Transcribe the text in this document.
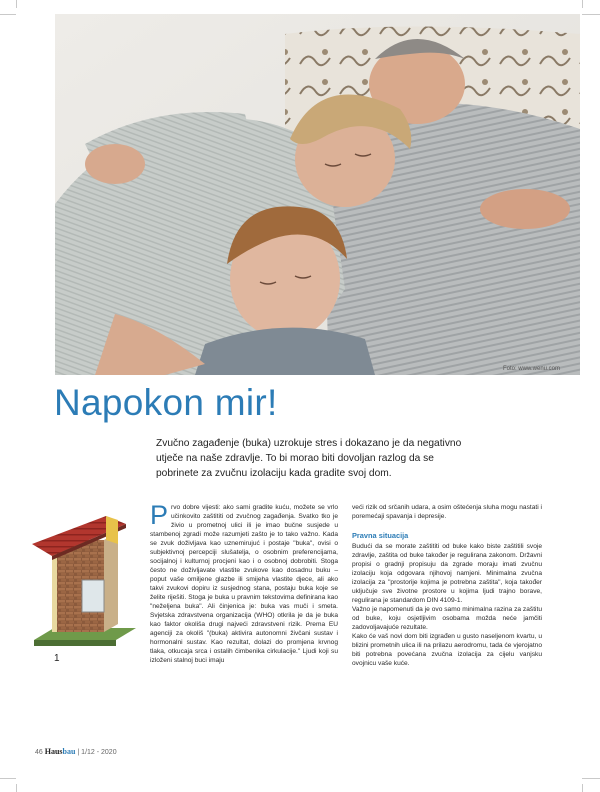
Foto: www.wenu.com
Napokon mir!

Zvučno zagađenje (buka) uzrokuje stres i dokazano je da negativno utječe na naše zdravlje. To bi morao biti dovoljan razlog da se pobrinete za zvučnu izolaciju kada gradite svoj dom.

1

Prvo dobre vijesti: ako sami gradite kuću, možete se vrlo učinkovito zaštititi od zvučnog zagađenja. Svatko tko je živio u prometnoj ulici ili je imao bučne susjede u stambenoj zgradi može razumjeti zašto je to tako važno. Kada se zvuk doživljava kao uznemirujuć i postaje "buka", ovisi o subjektivnoj percepciji slušatelja, o osobnim preferencijama, socijalnoj i kulturnoj procjeni kao i o osobnoj dobrobiti. Stoga često ne doživljavate vlastite zvukove kao dosadnu buku – poput vaše omiljene glazbe ili smijeha vlastite djece, ali ako takvi zvukovi dopiru iz susjednog stana, postaju buka koje se želite riješiti. Stoga je buka u pravnim tekstovima definirana kao "neželjena buka". Ali činjenica je: buka vas muči i smeta. Svjetska zdravstvena organizacija (WHO) otkrila je da je buka kao faktor okoliša drugi najveći zdravstveni rizik. Prema EU agenciji za okoliš "(buka) aktivira autonomni živčani sustav i hormonalni sustav. Kao rezultat, dolazi do promjena krvnog tlaka, otkucaja srca i ostalih čimbenika cirkulacije." Ljudi koji su izloženi stalnoj buci imaju

veći rizik od srčanih udara, a osim oštećenja sluha mogu nastati i poremećaji spavanja i depresije.

Pravna situacija

Budući da se morate zaštititi od buke kako biste zaštitili svoje zdravlje, zaštita od buke također je regulirana zakonom. Državni propisi o gradnji propisuju da zgrade moraju imati zvučnu izolaciju koja odgovara njihovoj namjeni. Minimalna zvučna izolacija za "prostorije kojima je potrebna zaštita", koja također uključuje sve životne prostore u kojima ljudi trajno borave, regulirana je standardom DIN 4109-1.

Važno je napomenuti da je ovo samo minimalna razina za zaštitu od buke, koju osjetljivim osobama možda neće jamčiti zadovoljavajuće rezultate.

Kako će vaš novi dom biti izgrađen u gusto naseljenom kvartu, u blizini prometnih ulica ili na prilazu aerodromu, tada će vjerojatno biti potrebna povećana zvučna izolacija za cijelu vanjsku ovojnicu vaše kuće.

46 Hausbau | 1/12 - 2020
